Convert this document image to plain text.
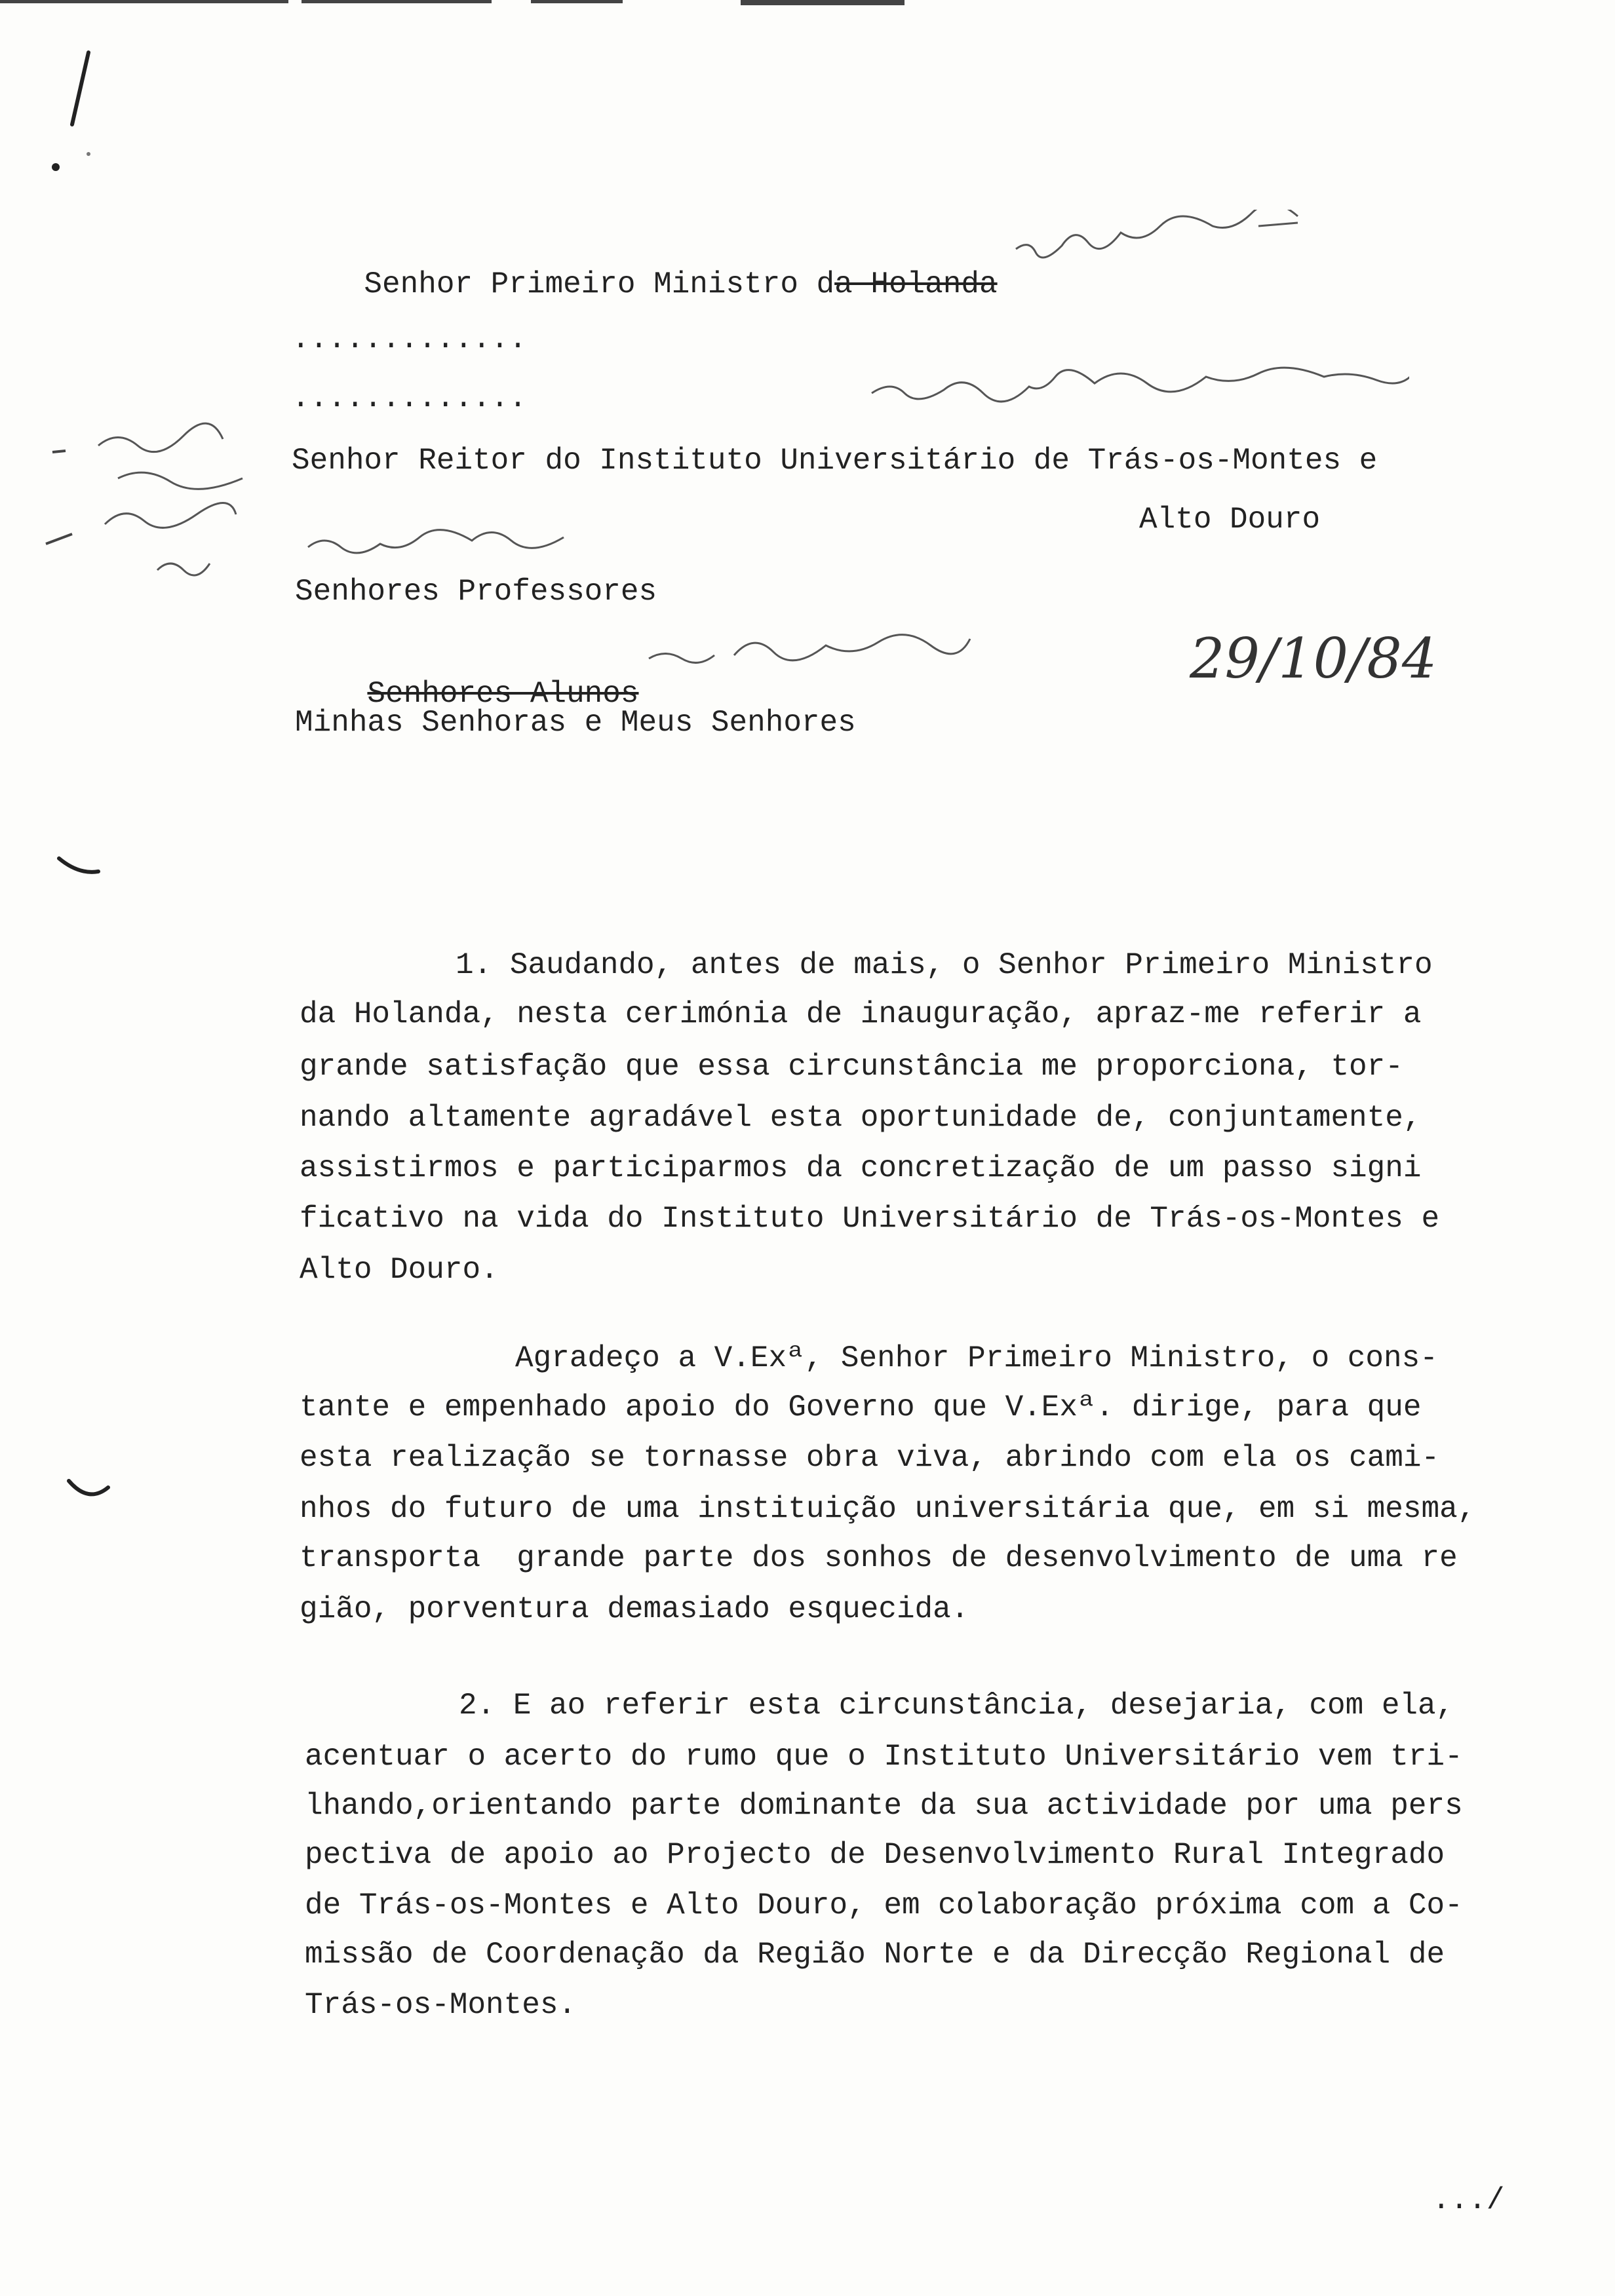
Senhor Primeiro Ministro da Holanda

.............
.............
Senhor Reitor do Instituto Universitário de Trás-os-Montes e
Alto Douro
Senhores Professores

Senhores Alunos

29/10/84
Minhas Senhoras e Meus Senhores
1. Saudando, antes de mais, o Senhor Primeiro Ministro
da Holanda, nesta cerimónia de inauguração, apraz-me referir a
grande satisfação que essa circunstância me proporciona, tor-
nando altamente agradável esta oportunidade de, conjuntamente,
assistirmos e participarmos da concretização de um passo signi
ficativo na vida do Instituto Universitário de Trás-os-Montes e
Alto Douro.
Agradeço a V.Exª, Senhor Primeiro Ministro, o cons-
tante e empenhado apoio do Governo que V.Exª. dirige, para que
esta realização se tornasse obra viva, abrindo com ela os cami-
nhos do futuro de uma instituição universitária que, em si mesma,
transporta  grande parte dos sonhos de desenvolvimento de uma re
gião, porventura demasiado esquecida.
2. E ao referir esta circunstância, desejaria, com ela,
acentuar o acerto do rumo que o Instituto Universitário vem tri-
lhando,orientando parte dominante da sua actividade por uma pers
pectiva de apoio ao Projecto de Desenvolvimento Rural Integrado
de Trás-os-Montes e Alto Douro, em colaboração próxima com a Co-
missão de Coordenação da Região Norte e da Direcção Regional de
Trás-os-Montes.
.../
